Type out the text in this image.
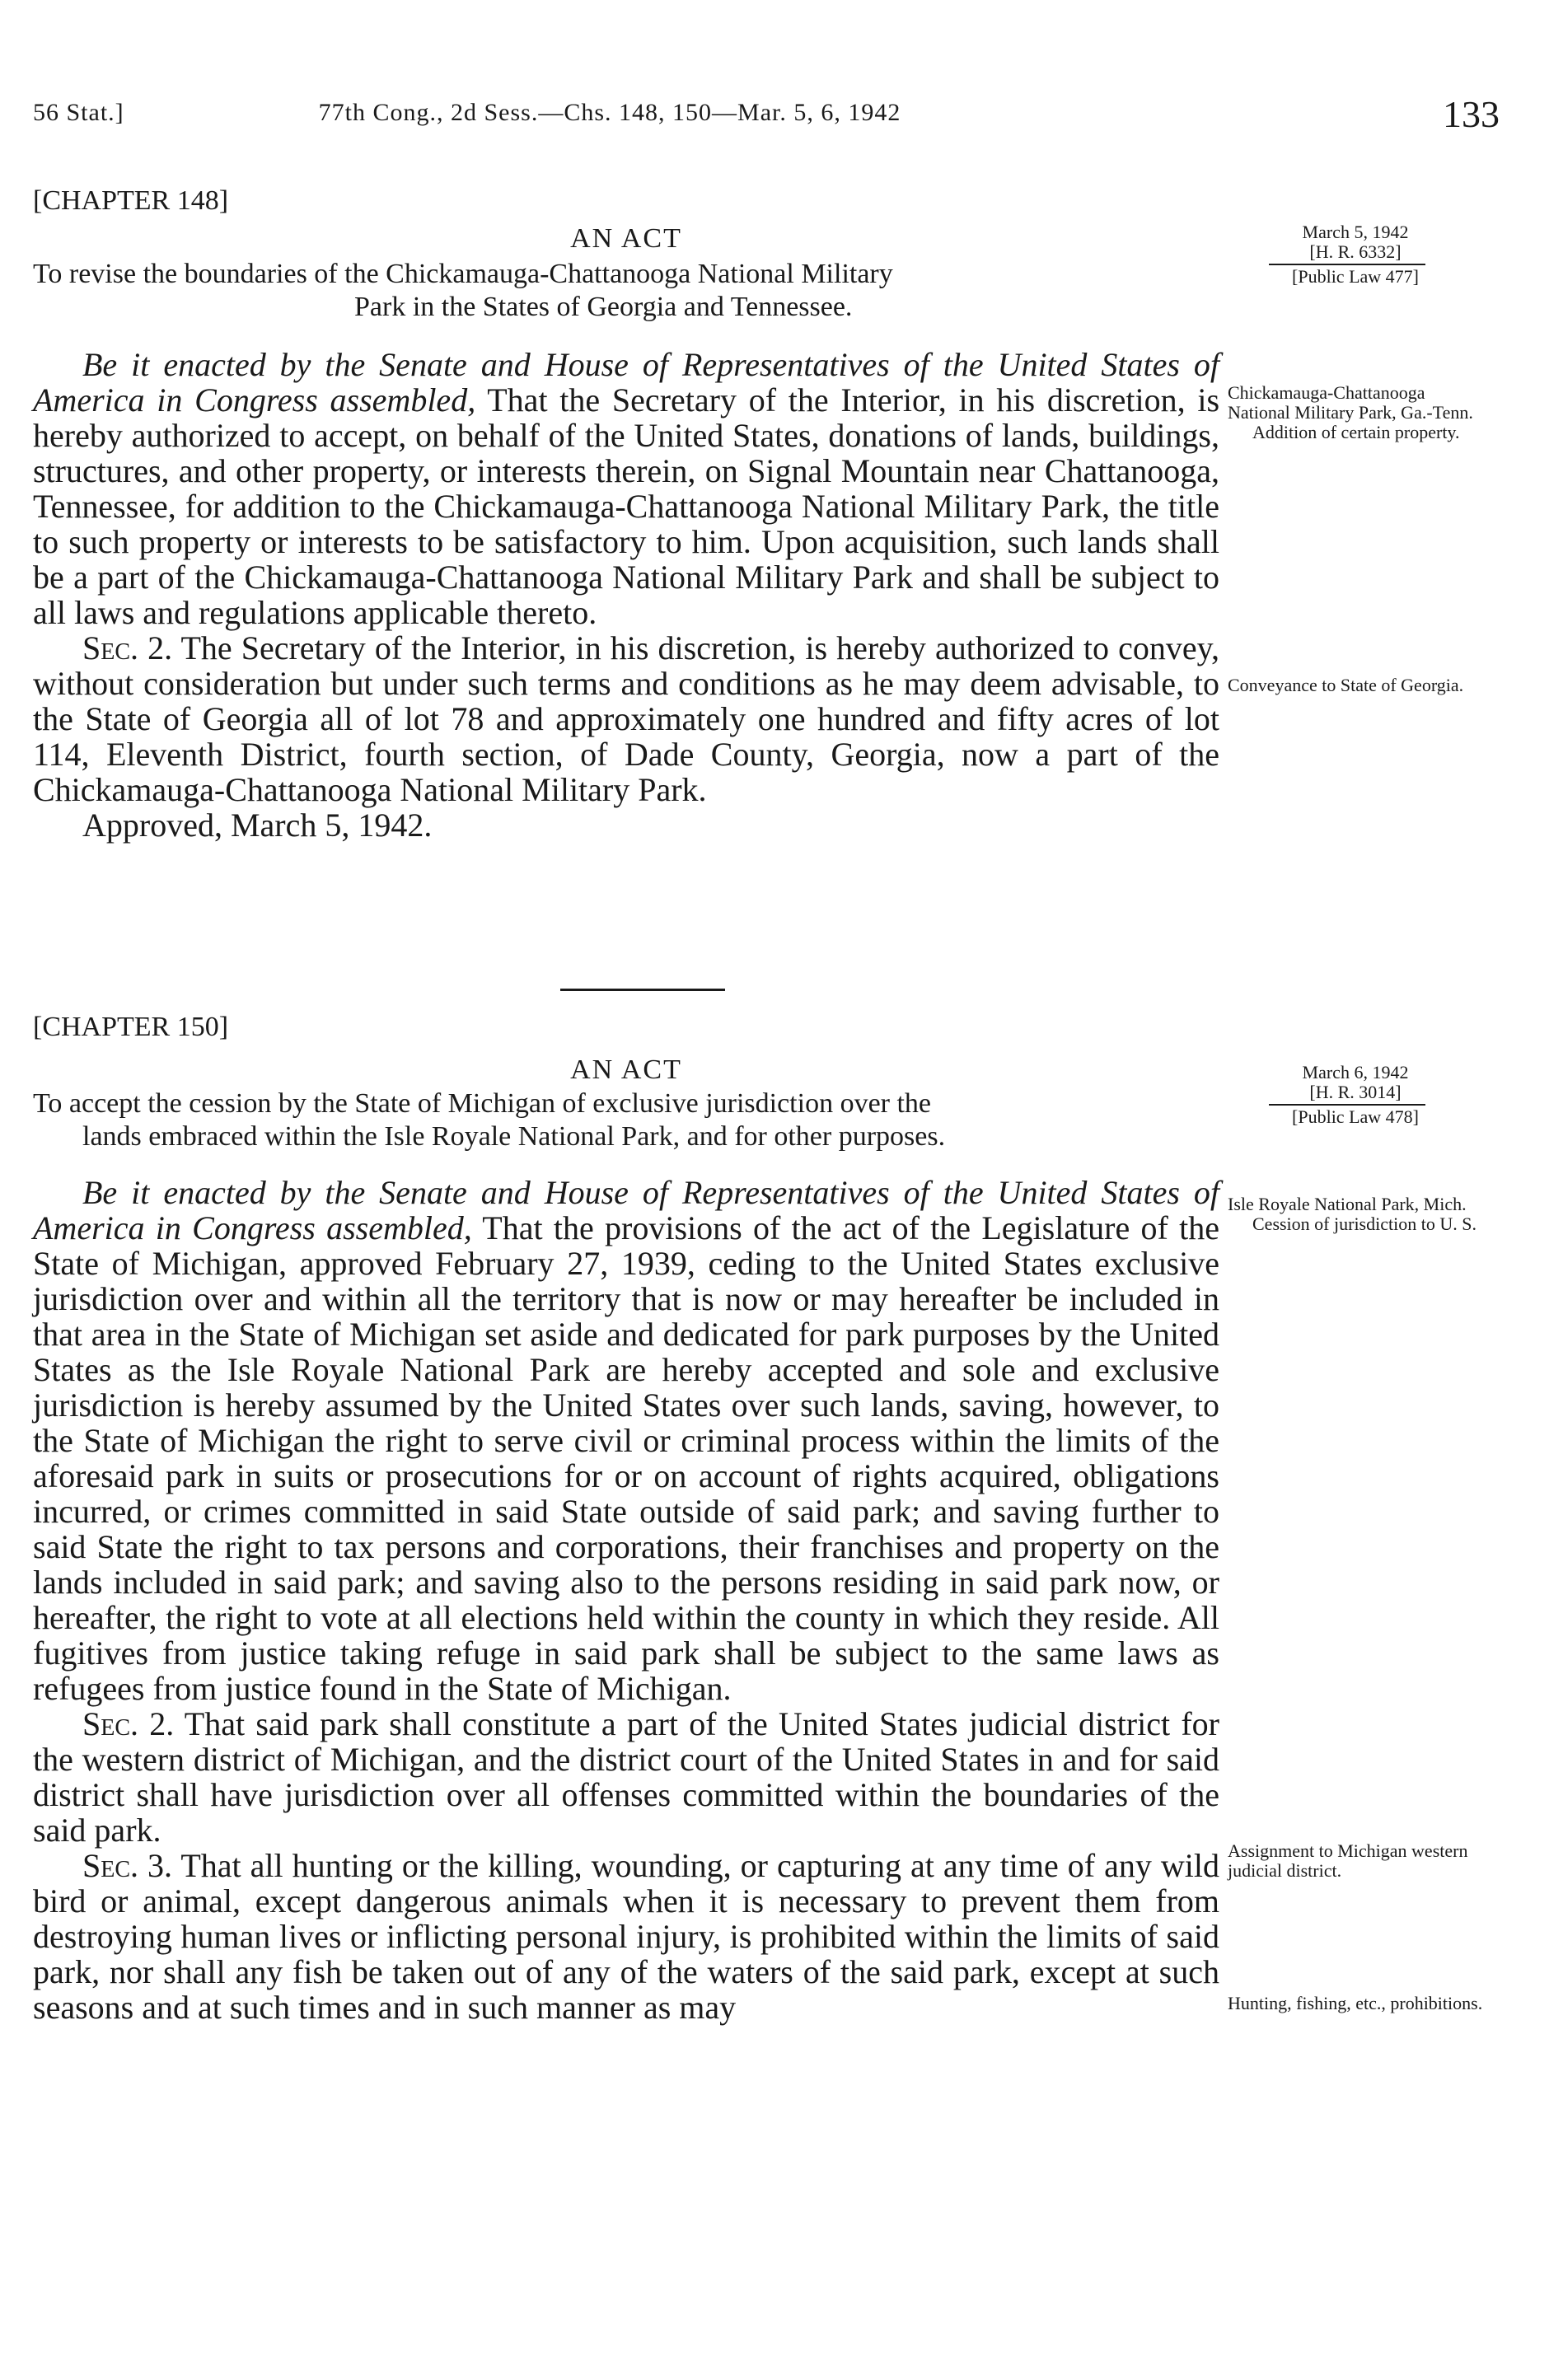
56 Stat.]	77th Cong., 2d Sess.—Chs. 148, 150—Mar. 5, 6, 1942	133

[CHAPTER 148]

AN ACT

To revise the boundaries of the Chickamauga-Chattanooga National Military
Park in the States of Georgia and Tennessee.

Be it enacted by the Senate and House of Representatives of the United States of America in Congress assembled, That the Secretary of the Interior, in his discretion, is hereby authorized to accept, on behalf of the United States, donations of lands, buildings, structures, and other property, or interests therein, on Signal Mountain near Chattanooga, Tennessee, for addition to the Chickamauga-Chattanooga National Military Park, the title to such property or interests to be satisfactory to him. Upon acquisition, such lands shall be a part of the Chickamauga-Chattanooga National Military Park and shall be subject to all laws and regulations applicable thereto.

Sec. 2. The Secretary of the Interior, in his discretion, is hereby authorized to convey, without consideration but under such terms and conditions as he may deem advisable, to the State of Georgia all of lot 78 and approximately one hundred and fifty acres of lot 114, Eleventh District, fourth section, of Dade County, Georgia, now a part of the Chickamauga-Chattanooga National Military Park.

Approved, March 5, 1942.

March 5, 1942
[H. R. 6332]
[Public Law 477]
Chickamauga-Chattanooga National Military Park, Ga.-Tenn.
Addition of certain property.
Conveyance to State of Georgia.

[CHAPTER 150]

AN ACT

To accept the cession by the State of Michigan of exclusive jurisdiction over the
lands embraced within the Isle Royale National Park, and for other purposes.

Be it enacted by the Senate and House of Representatives of the United States of America in Congress assembled, That the provisions of the act of the Legislature of the State of Michigan, approved February 27, 1939, ceding to the United States exclusive jurisdiction over and within all the territory that is now or may hereafter be included in that area in the State of Michigan set aside and dedicated for park purposes by the United States as the Isle Royale National Park are hereby accepted and sole and exclusive jurisdiction is hereby assumed by the United States over such lands, saving, however, to the State of Michigan the right to serve civil or criminal process within the limits of the aforesaid park in suits or prosecutions for or on account of rights acquired, obligations incurred, or crimes committed in said State outside of said park; and saving further to said State the right to tax persons and corporations, their franchises and property on the lands included in said park; and saving also to the persons residing in said park now, or hereafter, the right to vote at all elections held within the county in which they reside. All fugitives from justice taking refuge in said park shall be subject to the same laws as refugees from justice found in the State of Michigan.

Sec. 2. That said park shall constitute a part of the United States judicial district for the western district of Michigan, and the district court of the United States in and for said district shall have jurisdiction over all offenses committed within the boundaries of the said park.

Sec. 3. That all hunting or the killing, wounding, or capturing at any time of any wild bird or animal, except dangerous animals when it is necessary to prevent them from destroying human lives or inflicting personal injury, is prohibited within the limits of said park, nor shall any fish be taken out of any of the waters of the said park, except at such seasons and at such times and in such manner as may

March 6, 1942
[H. R. 3014]
[Public Law 478]
Isle Royale National Park, Mich.
Cession of jurisdiction to U. S.
Assignment to Michigan western judicial district.
Hunting, fishing, etc., prohibitions.
